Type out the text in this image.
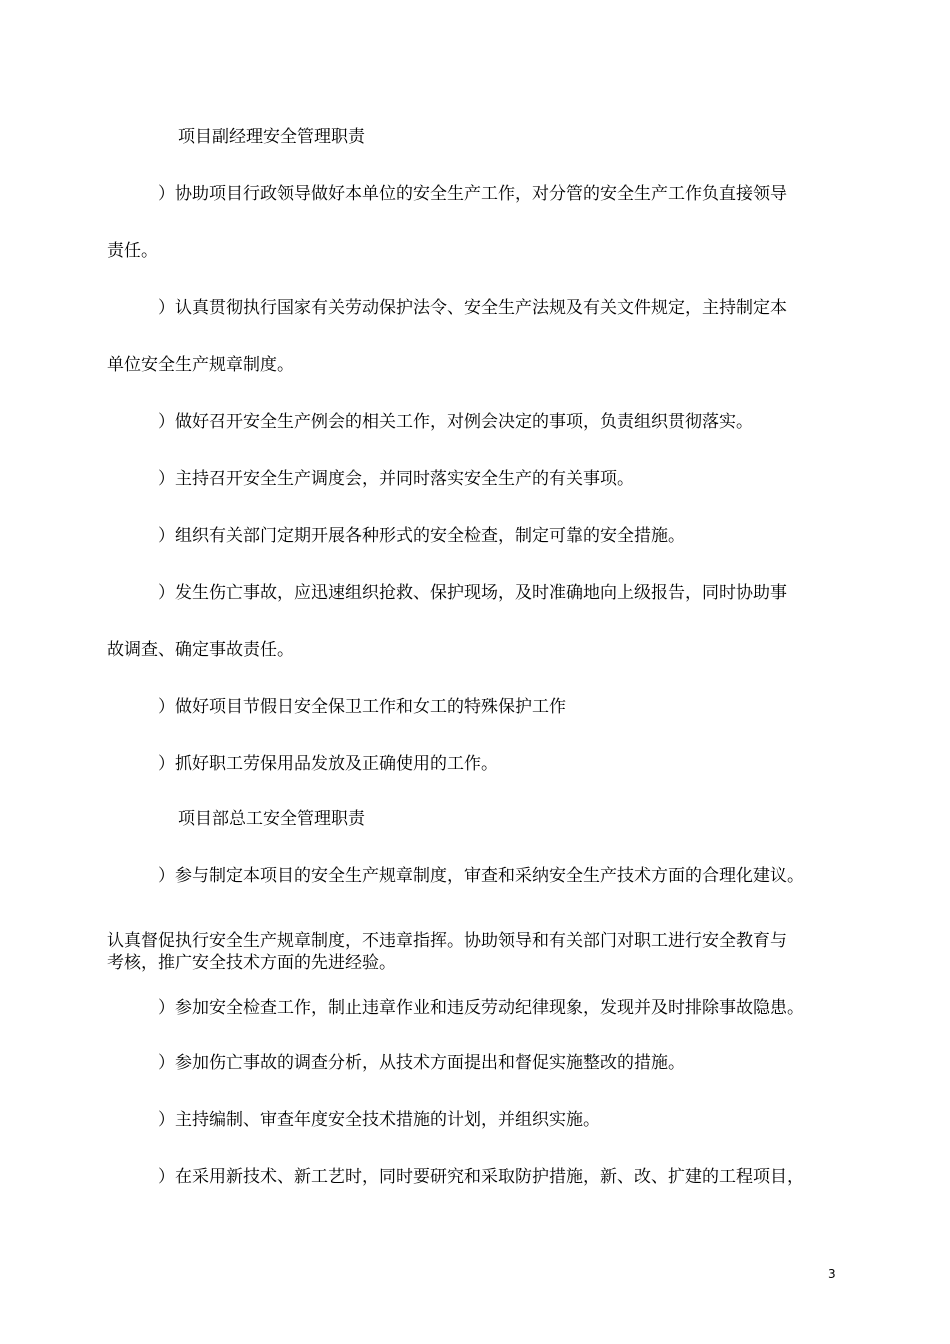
项目副经理安全管理职责

）协助项目行政领导做好本单位的安全生产工作，对分管的安全生产工作负直接领导

责任。

）认真贯彻执行国家有关劳动保护法令、安全生产法规及有关文件规定，主持制定本

单位安全生产规章制度。

）做好召开安全生产例会的相关工作，对例会决定的事项，负责组织贯彻落实。

）主持召开安全生产调度会，并同时落实安全生产的有关事项。

）组织有关部门定期开展各种形式的安全检查，制定可靠的安全措施。

）发生伤亡事故，应迅速组织抢救、保护现场，及时准确地向上级报告，同时协助事

故调查、确定事故责任。

）做好项目节假日安全保卫工作和女工的特殊保护工作

）抓好职工劳保用品发放及正确使用的工作。

项目部总工安全管理职责

）参与制定本项目的安全生产规章制度，审查和采纳安全生产技术方面的合理化建议。

认真督促执行安全生产规章制度，不违章指挥。协助领导和有关部门对职工进行安全教育与

考核，推广安全技术方面的先进经验。

）参加安全检查工作，制止违章作业和违反劳动纪律现象，发现并及时排除事故隐患。

）参加伤亡事故的调查分析，从技术方面提出和督促实施整改的措施。

）主持编制、审查年度安全技术措施的计划，并组织实施。

）在采用新技术、新工艺时，同时要研究和采取防护措施，新、改、扩建的工程项目，

3
